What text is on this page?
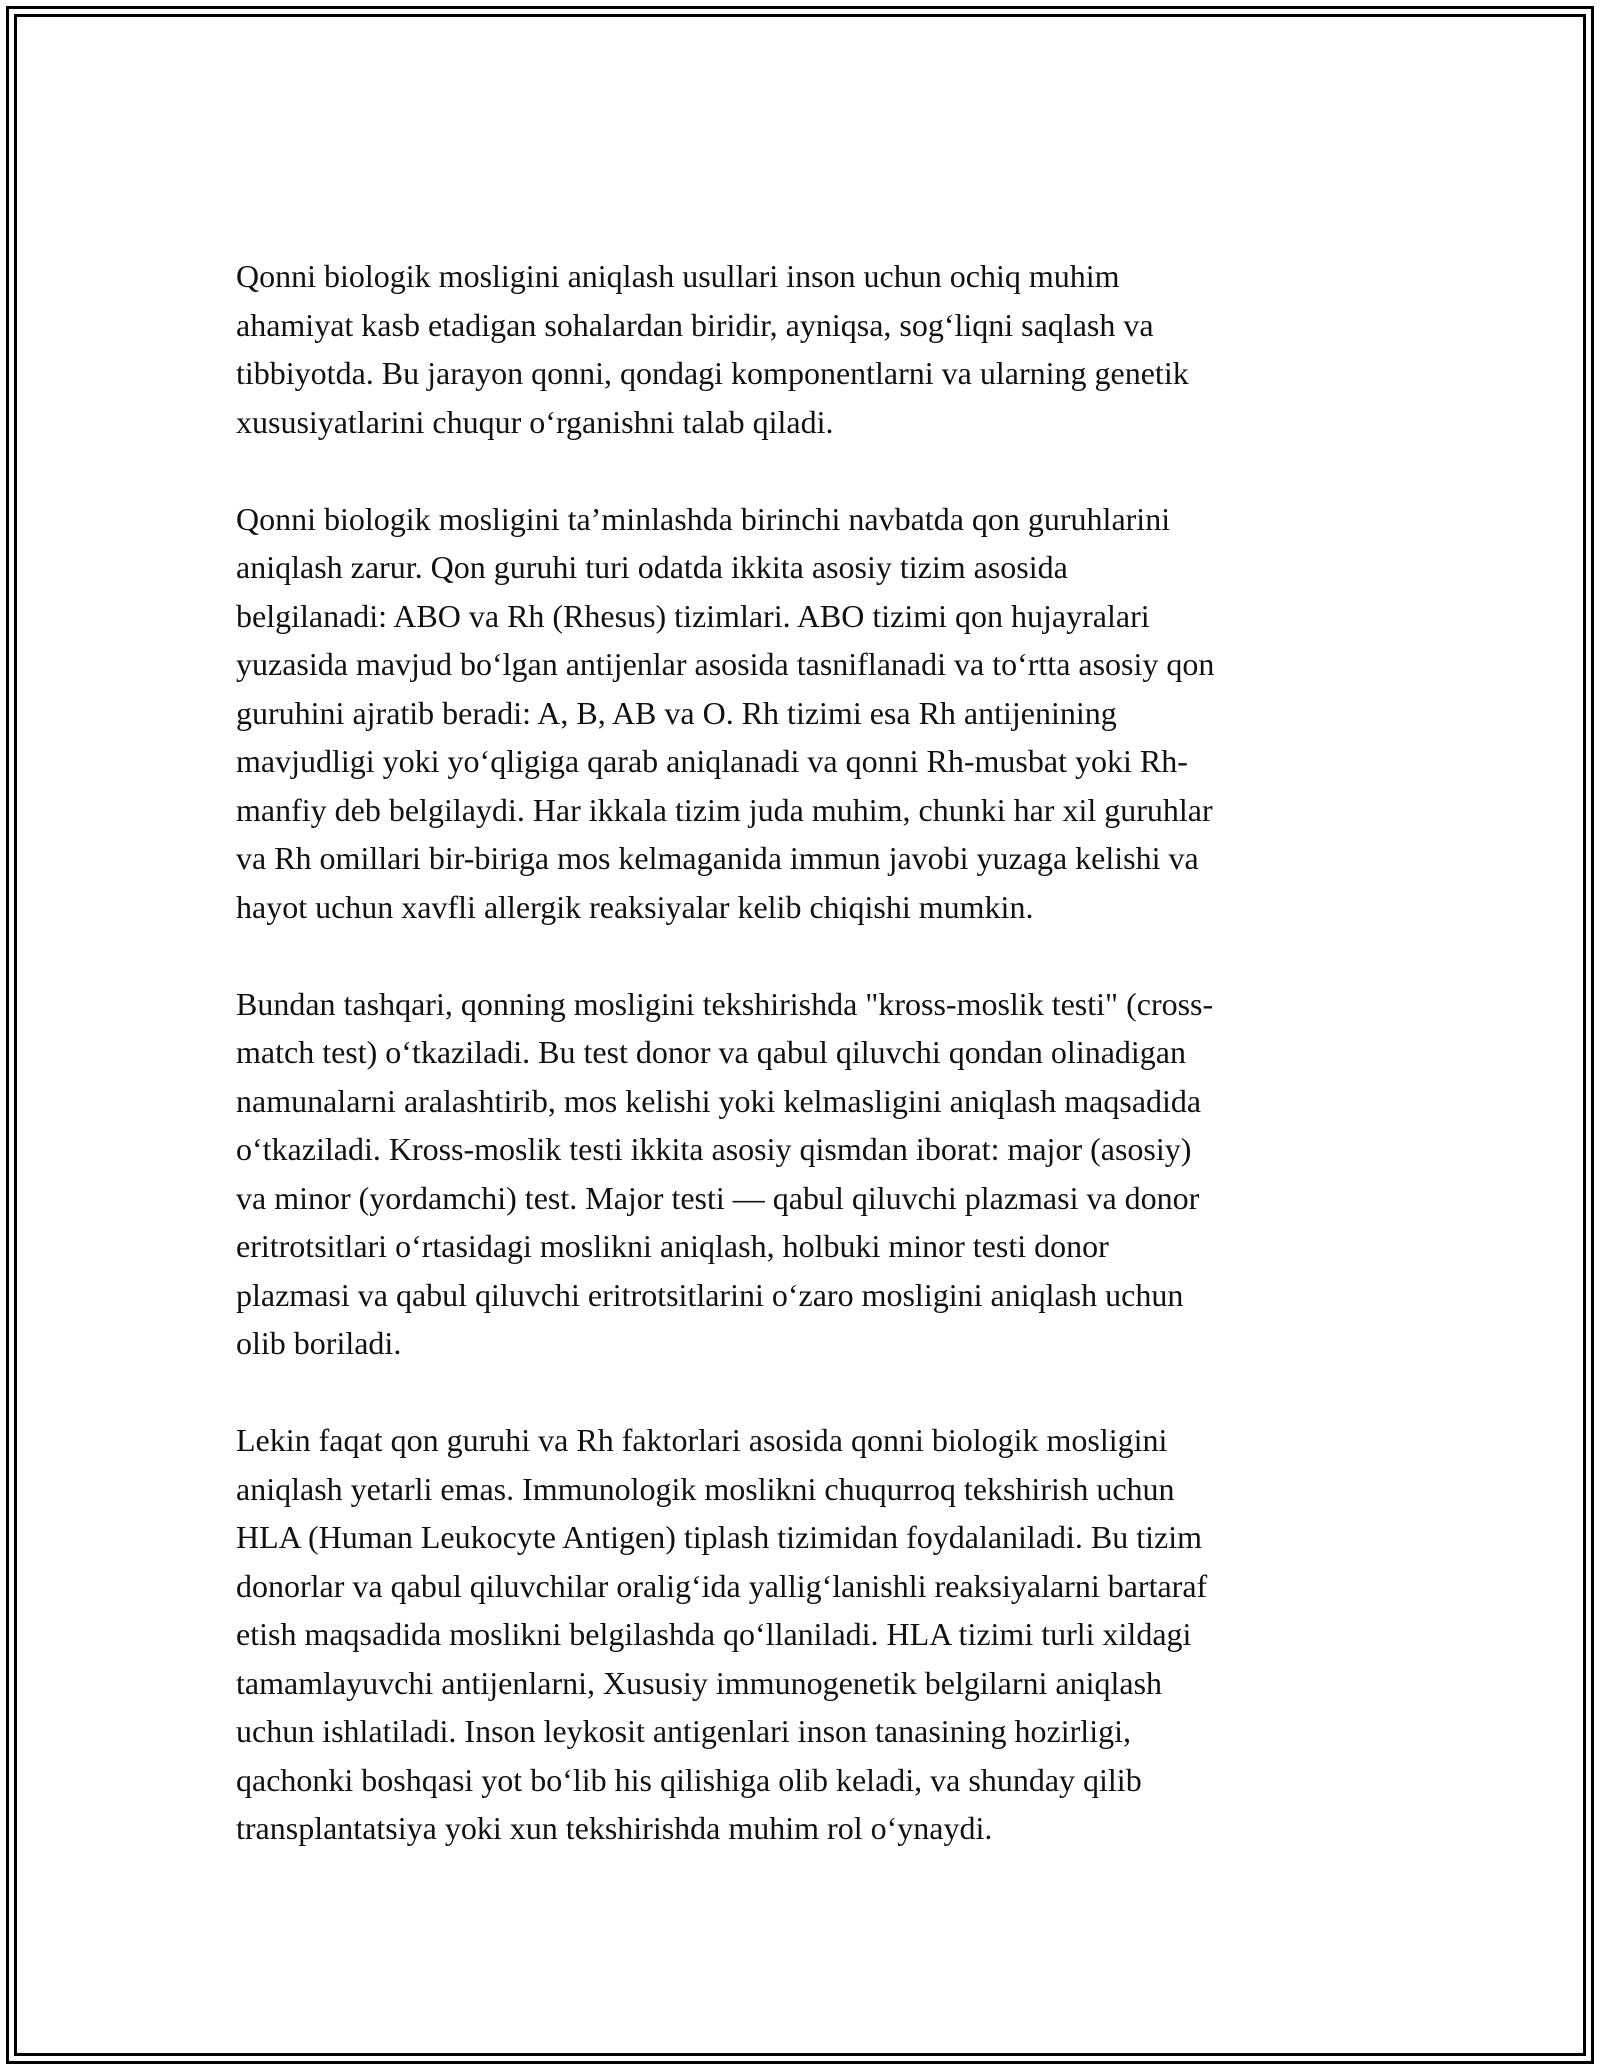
Qonni biologik mosligini aniqlash usullari inson uchun ochiq muhim
ahamiyat kasb etadigan sohalardan biridir, ayniqsa, sog‘liqni saqlash va
tibbiyotda. Bu jarayon qonni, qondagi komponentlarni va ularning genetik
xususiyatlarini chuqur o‘rganishni talab qiladi.

Qonni biologik mosligini ta’minlashda birinchi navbatda qon guruhlarini
aniqlash zarur. Qon guruhi turi odatda ikkita asosiy tizim asosida
belgilanadi: ABO va Rh (Rhesus) tizimlari. ABO tizimi qon hujayralari
yuzasida mavjud bo‘lgan antijenlar asosida tasniflanadi va to‘rtta asosiy qon
guruhini ajratib beradi: A, B, AB va O. Rh tizimi esa Rh antijenining
mavjudligi yoki yo‘qligiga qarab aniqlanadi va qonni Rh-musbat yoki Rh-
manfiy deb belgilaydi. Har ikkala tizim juda muhim, chunki har xil guruhlar
va Rh omillari bir-biriga mos kelmaganida immun javobi yuzaga kelishi va
hayot uchun xavfli allergik reaksiyalar kelib chiqishi mumkin.

Bundan tashqari, qonning mosligini tekshirishda "kross-moslik testi" (cross-
match test) o‘tkaziladi. Bu test donor va qabul qiluvchi qondan olinadigan
namunalarni aralashtirib, mos kelishi yoki kelmasligini aniqlash maqsadida
o‘tkaziladi. Kross-moslik testi ikkita asosiy qismdan iborat: major (asosiy)
va minor (yordamchi) test. Major testi — qabul qiluvchi plazmasi va donor
eritrotsitlari o‘rtasidagi moslikni aniqlash, holbuki minor testi donor
plazmasi va qabul qiluvchi eritrotsitlarini o‘zaro mosligini aniqlash uchun
olib boriladi.

Lekin faqat qon guruhi va Rh faktorlari asosida qonni biologik mosligini
aniqlash yetarli emas. Immunologik moslikni chuqurroq tekshirish uchun
HLA (Human Leukocyte Antigen) tiplash tizimidan foydalaniladi. Bu tizim
donorlar va qabul qiluvchilar oralig‘ida yallig‘lanishli reaksiyalarni bartaraf
etish maqsadida moslikni belgilashda qo‘llaniladi. HLA tizimi turli xildagi
tamamlayuvchi antijenlarni, Xususiy immunogenetik belgilarni aniqlash
uchun ishlatiladi. Inson leykosit antigenlari inson tanasining hozirligi,
qachonki boshqasi yot bo‘lib his qilishiga olib keladi, va shunday qilib
transplantatsiya yoki xun tekshirishda muhim rol o‘ynaydi.
